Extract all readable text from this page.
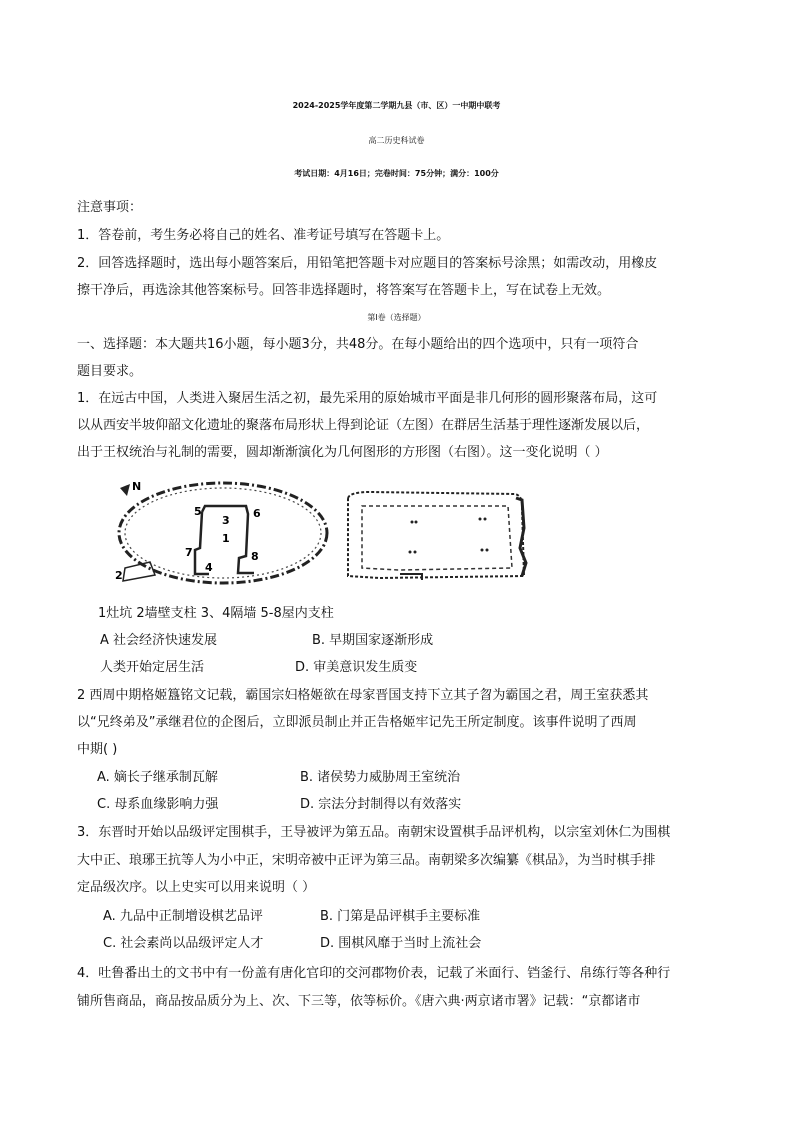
2024-2025学年度第二学期九县（市、区）一中期中联考
高二历史科试卷
考试日期：4月16日；完卷时间：75分钟；满分：100分
注意事项：
1．答卷前，考生务必将自己的姓名、准考证号填写在答题卡上。
2．回答选择题时，选出每小题答案后，用铅笔把答题卡对应题目的答案标号涂黑；如需改动，用橡皮
擦干净后，再选涂其他答案标号。回答非选择题时，将答案写在答题卡上，写在试卷上无效。
第Ⅰ卷（选择题）
一、选择题：本大题共16小题，每小题3分，共48分。在每小题给出的四个选项中，只有一项符合
题目要求。
1．在远古中国，人类进入聚居生活之初，最先采用的原始城市平面是非几何形的圆形聚落布局，这可
以从西安半坡仰韶文化遗址的聚落布局形状上得到论证（左图）在群居生活基于理性逐渐发展以后，
出于王权统治与礼制的需要，圆却渐渐演化为几何图形的方形图（右图）。这一变化说明（ ）
N
5
3
6
1
7	8
4
2
1灶坑 2墙壁支柱 3、4隔墙 5-8屋内支柱
A 社会经济快速发展	B. 早期国家逐渐形成
人类开始定居生活	D. 审美意识发生质变
2 西周中期格姬簋铭文记载，霸国宗妇格姬欲在母家晋国支持下立其子曶为霸国之君，周王室获悉其
以“兄终弟及”承继君位的企图后，立即派员制止并正告格姬牢记先王所定制度。该事件说明了西周
中期( )
A. 嫡长子继承制瓦解	B. 诸侯势力威胁周王室统治
C. 母系血缘影响力强	D. 宗法分封制得以有效落实
3．东晋时开始以品级评定围棋手，王导被评为第五品。南朝宋设置棋手品评机构，以宗室刘休仁为围棋
大中正、琅琊王抗等人为小中正，宋明帝被中正评为第三品。南朝梁多次编纂《棋品》，为当时棋手排
定品级次序。以上史实可以用来说明（ ）
A. 九品中正制增设棋艺品评	B. 门第是品评棋手主要标准
C. 社会素尚以品级评定人才	D. 围棋风靡于当时上流社会
4．吐鲁番出土的文书中有一份盖有唐化官印的交河郡物价表，记载了米面行、铛釜行、帛练行等各种行
铺所售商品，商品按品质分为上、次、下三等，依等标价。《唐六典·两京诸市署》记载：“京都诸市
